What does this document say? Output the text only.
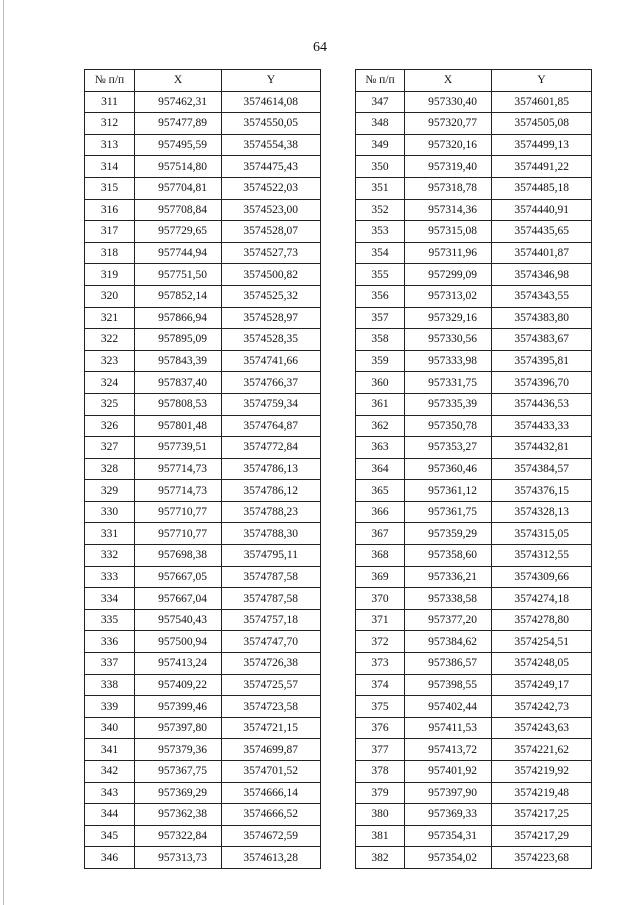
64
№ п/п	X	Y
311	957462,31	3574614,08
312	957477,89	3574550,05
313	957495,59	3574554,38
314	957514,80	3574475,43
315	957704,81	3574522,03
316	957708,84	3574523,00
317	957729,65	3574528,07
318	957744,94	3574527,73
319	957751,50	3574500,82
320	957852,14	3574525,32
321	957866,94	3574528,97
322	957895,09	3574528,35
323	957843,39	3574741,66
324	957837,40	3574766,37
325	957808,53	3574759,34
326	957801,48	3574764,87
327	957739,51	3574772,84
328	957714,73	3574786,13
329	957714,73	3574786,12
330	957710,77	3574788,23
331	957710,77	3574788,30
332	957698,38	3574795,11
333	957667,05	3574787,58
334	957667,04	3574787,58
335	957540,43	3574757,18
336	957500,94	3574747,70
337	957413,24	3574726,38
338	957409,22	3574725,57
339	957399,46	3574723,58
340	957397,80	3574721,15
341	957379,36	3574699,87
342	957367,75	3574701,52
343	957369,29	3574666,14
344	957362,38	3574666,52
345	957322,84	3574672,59
346	957313,73	3574613,28
№ п/п	X	Y
347	957330,40	3574601,85
348	957320,77	3574505,08
349	957320,16	3574499,13
350	957319,40	3574491,22
351	957318,78	3574485,18
352	957314,36	3574440,91
353	957315,08	3574435,65
354	957311,96	3574401,87
355	957299,09	3574346,98
356	957313,02	3574343,55
357	957329,16	3574383,80
358	957330,56	3574383,67
359	957333,98	3574395,81
360	957331,75	3574396,70
361	957335,39	3574436,53
362	957350,78	3574433,33
363	957353,27	3574432,81
364	957360,46	3574384,57
365	957361,12	3574376,15
366	957361,75	3574328,13
367	957359,29	3574315,05
368	957358,60	3574312,55
369	957336,21	3574309,66
370	957338,58	3574274,18
371	957377,20	3574278,80
372	957384,62	3574254,51
373	957386,57	3574248,05
374	957398,55	3574249,17
375	957402,44	3574242,73
376	957411,53	3574243,63
377	957413,72	3574221,62
378	957401,92	3574219,92
379	957397,90	3574219,48
380	957369,33	3574217,25
381	957354,31	3574217,29
382	957354,02	3574223,68
